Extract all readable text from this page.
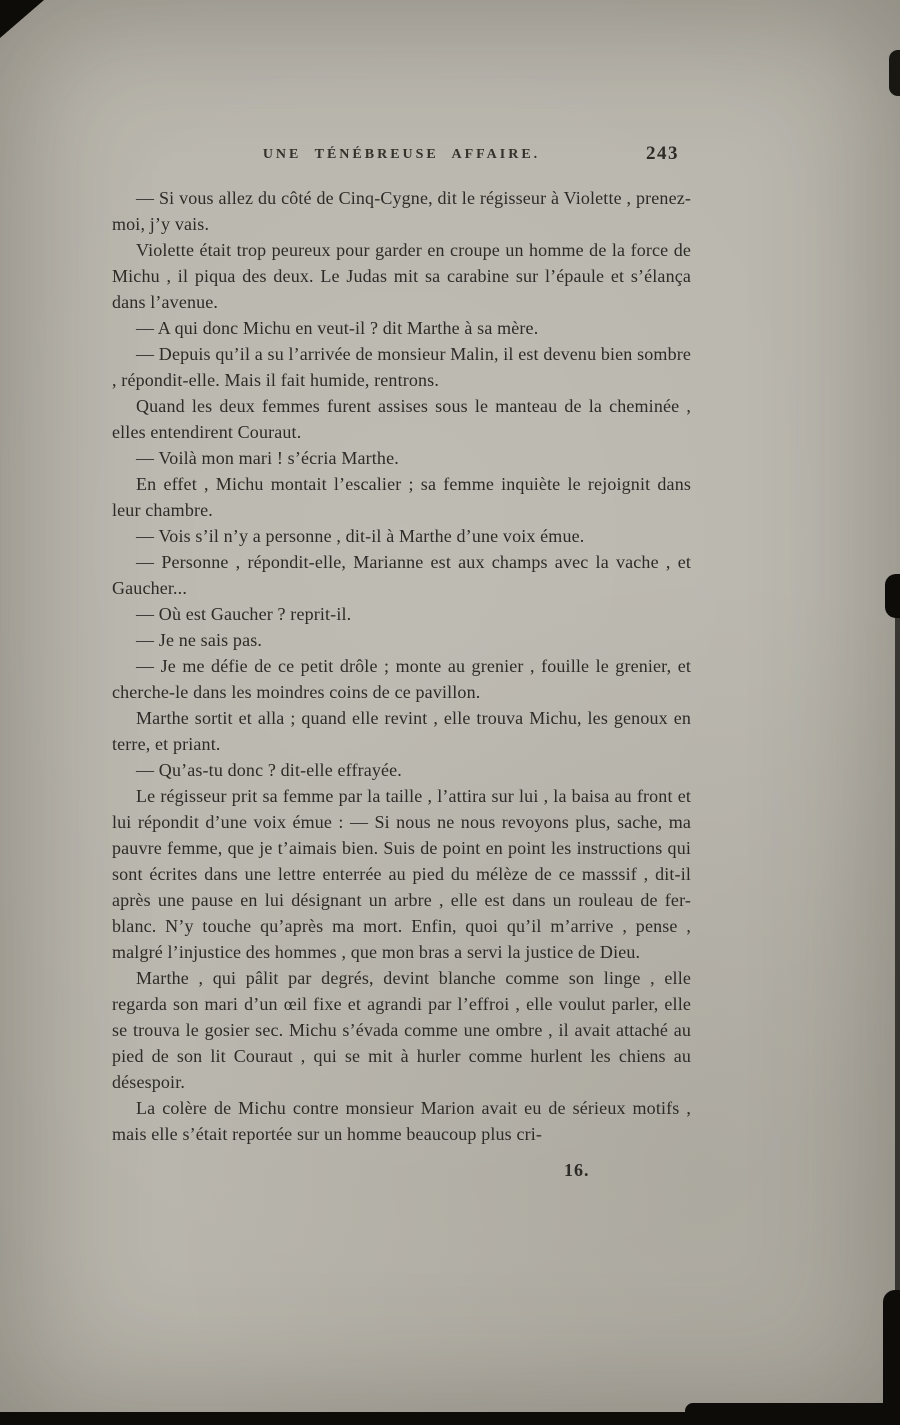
UNE TÉNÉBREUSE AFFAIRE.	243

— Si vous allez du côté de Cinq-Cygne, dit le régisseur à Violette , prenez-moi, j’y vais.

Violette était trop peureux pour garder en croupe un homme de la force de Michu , il piqua des deux. Le Judas mit sa carabine sur l’épaule et s’élança dans l’avenue.

— A qui donc Michu en veut-il ? dit Marthe à sa mère.

— Depuis qu’il a su l’arrivée de monsieur Malin, il est devenu bien sombre , répondit-elle. Mais il fait humide, rentrons.

Quand les deux femmes furent assises sous le manteau de la cheminée , elles entendirent Couraut.

— Voilà mon mari ! s’écria Marthe.

En effet , Michu montait l’escalier ; sa femme inquiète le rejoignit dans leur chambre.

— Vois s’il n’y a personne , dit-il à Marthe d’une voix émue.

— Personne , répondit-elle, Marianne est aux champs avec la vache , et Gaucher...

— Où est Gaucher ? reprit-il.

— Je ne sais pas.

— Je me défie de ce petit drôle ; monte au grenier , fouille le grenier, et cherche-le dans les moindres coins de ce pavillon.

Marthe sortit et alla ; quand elle revint , elle trouva Michu, les genoux en terre, et priant.

— Qu’as-tu donc ? dit-elle effrayée.

Le régisseur prit sa femme par la taille , l’attira sur lui , la baisa au front et lui répondit d’une voix émue : — Si nous ne nous revoyons plus, sache, ma pauvre femme, que je t’aimais bien. Suis de point en point les instructions qui sont écrites dans une lettre enterrée au pied du mélèze de ce masssif , dit-il après une pause en lui désignant un arbre , elle est dans un rouleau de fer-blanc. N’y touche qu’après ma mort. Enfin, quoi qu’il m’arrive , pense , malgré l’injustice des hommes , que mon bras a servi la justice de Dieu.

Marthe , qui pâlit par degrés, devint blanche comme son linge , elle regarda son mari d’un œil fixe et agrandi par l’effroi , elle voulut parler, elle se trouva le gosier sec. Michu s’évada comme une ombre , il avait attaché au pied de son lit Couraut , qui se mit à hurler comme hurlent les chiens au désespoir.

La colère de Michu contre monsieur Marion avait eu de sérieux motifs , mais elle s’était reportée sur un homme beaucoup plus cri-

16.
